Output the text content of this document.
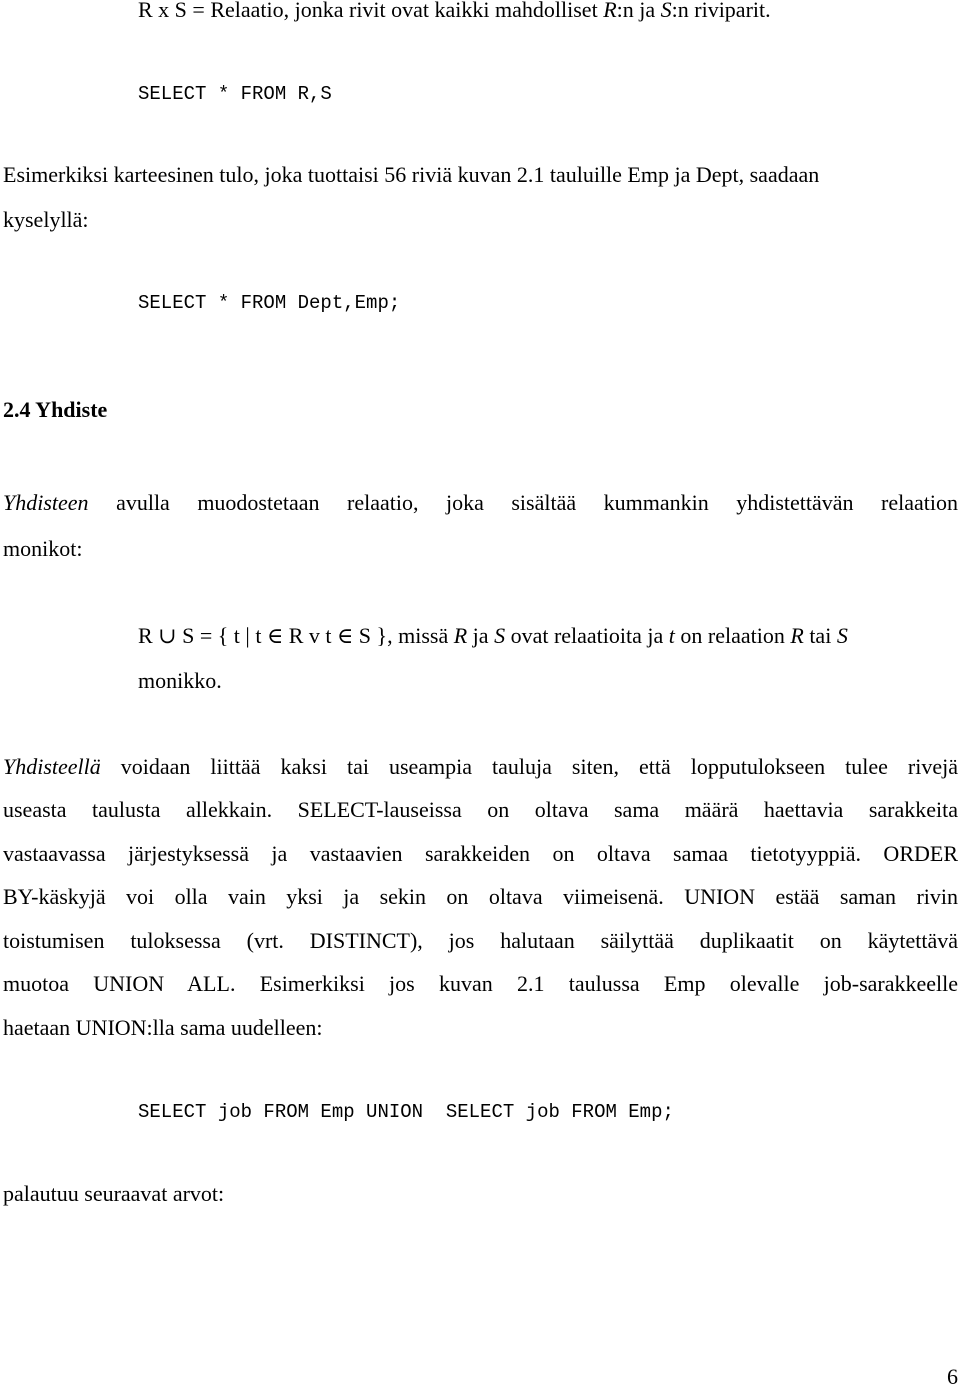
R x S = Relaatio, jonka rivit ovat kaikki mahdolliset R:n ja S:n riviparit.
SELECT * FROM R,S
Esimerkiksi karteesinen tulo, joka tuottaisi 56 riviä kuvan 2.1 tauluille Emp ja Dept, saadaan
kyselyllä:
SELECT * FROM Dept,Emp;
2.4 Yhdiste
Yhdisteen avulla muodostetaan relaatio, joka sisältää kummankin yhdistettävän relaation
monikot:
R ∪ S = { t | t ∈ R v t ∈ S }, missä R ja S ovat relaatioita ja t on relaation R tai S
monikko.
Yhdisteellä voidaan liittää kaksi tai useampia tauluja siten, että lopputulokseen tulee rivejä
useasta taulusta allekkain. SELECT-lauseissa on oltava sama määrä haettavia sarakkeita
vastaavassa järjestyksessä ja vastaavien sarakkeiden on oltava samaa tietotyyppiä. ORDER
BY-käskyjä voi olla vain yksi ja sekin on oltava viimeisenä. UNION estää saman rivin
toistumisen tuloksessa (vrt. DISTINCT), jos halutaan säilyttää duplikaatit on käytettävä
muotoa UNION ALL. Esimerkiksi jos kuvan 2.1 taulussa Emp olevalle job-sarakkeelle
haetaan UNION:lla sama uudelleen:
SELECT job FROM Emp UNION  SELECT job FROM Emp;
palautuu seuraavat arvot:
6
